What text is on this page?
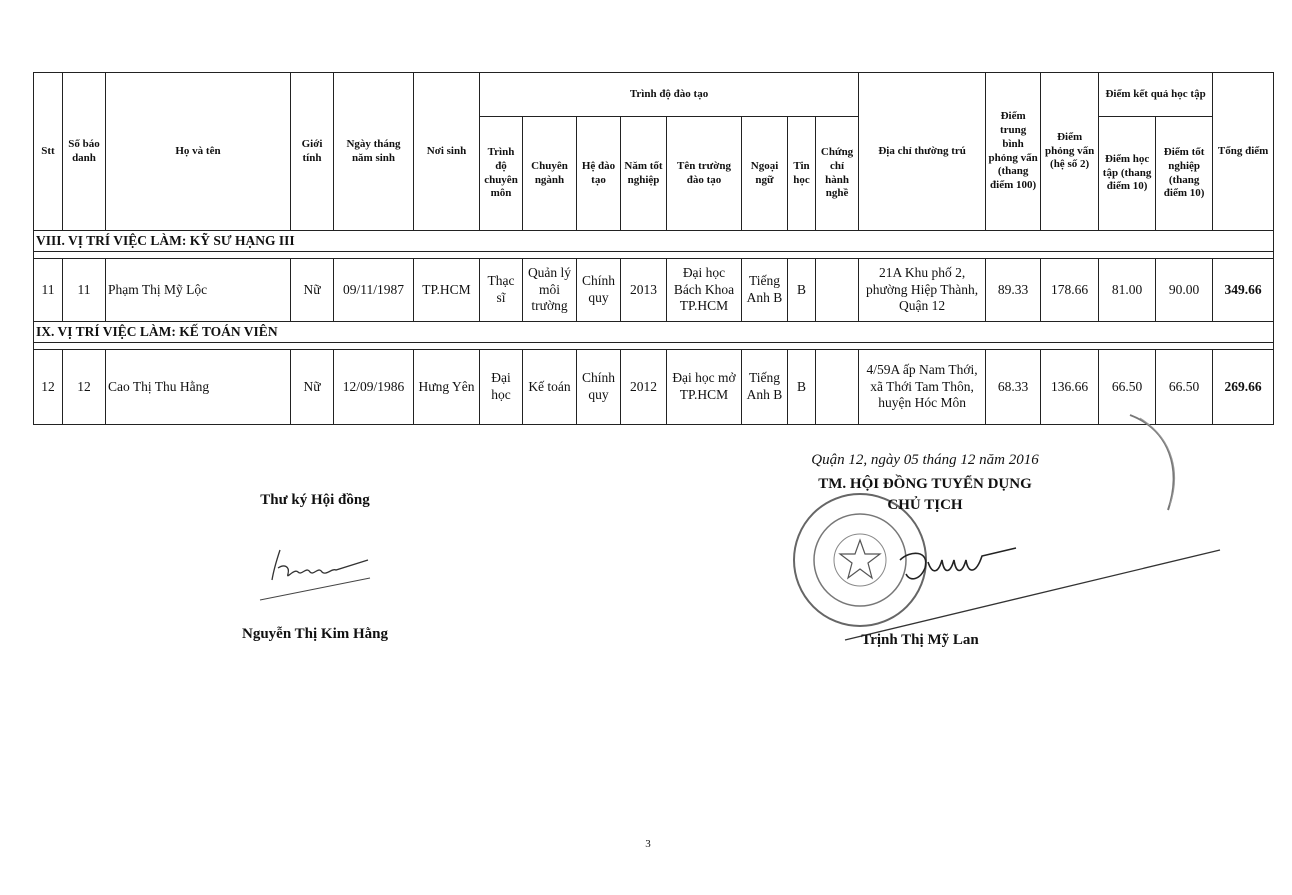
Stt	Số báo danh	Họ và tên	Giới tính	Ngày tháng năm sinh	Nơi sinh	Trình độ đào tạo								Địa chỉ thường trú	Điểm trung bình phỏng vấn (thang điểm 100)	Điểm phỏng vấn (hệ số 2)	Điểm kết quả học tập		Tổng điểm
						Trình độ chuyên môn	Chuyên ngành	Hệ đào tạo	Năm tốt nghiệp	Tên trường đào tạo	Ngoại ngữ	Tin học	Chứng chỉ hành nghề				Điểm học tập (thang điểm 10)	Điểm tốt nghiệp (thang điểm 10)	
VIII. VỊ TRÍ VIỆC LÀM: KỸ SƯ HẠNG III																			

11	11	Phạm Thị Mỹ Lộc	Nữ	09/11/1987	TP.HCM	Thạc sĩ	Quản lý môi trường	Chính quy	2013	Đại học Bách Khoa TP.HCM	Tiếng Anh B	B		21A Khu phố 2, phường Hiệp Thành, Quận 12	89.33	178.66	81.00	90.00	349.66
IX. VỊ TRÍ VIỆC LÀM: KẾ TOÁN VIÊN																			

12	12	Cao Thị Thu Hằng	Nữ	12/09/1986	Hưng Yên	Đại học	Kế toán	Chính quy	2012	Đại học mở TP.HCM	Tiếng Anh B	B		4/59A ấp Nam Thới, xã Thới Tam Thôn, huyện Hóc Môn	68.33	136.66	66.50	66.50	269.66
Thư ký Hội đồng
Nguyễn Thị Kim Hằng
Quận 12, ngày 05 tháng 12 năm 2016
TM. HỘI ĐỒNG TUYỂN DỤNG
CHỦ TỊCH
Trịnh Thị Mỹ Lan
3
